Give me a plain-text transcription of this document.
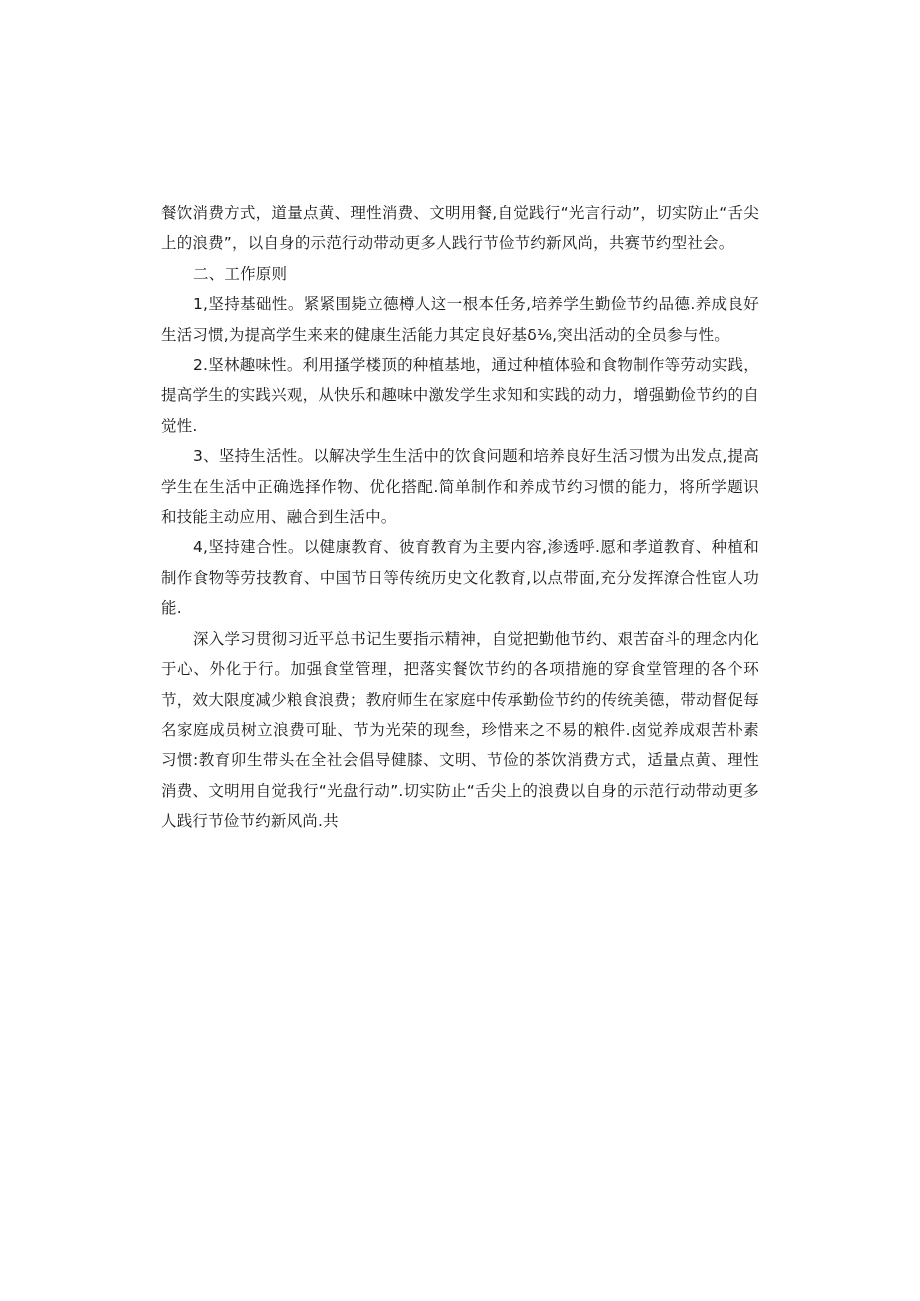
餐饮消费方式，道量点黄、理性消费、文明用餐,自觉践行“光言行动”，切实防止“舌尖上的浪费”，以自身的示范行动带动更多人践行节俭节约新风尚，共赛节约型社会。

二、工作原则

1,坚持基础性。紧紧围毙立德樽人这一根本任务,培养学生勤俭节约品德.养成良好生活习惯,为提高学生来来的健康生活能力其定良好基δ⅛,突出活动的全员参与性。

2.坚林趣味性。利用搔学楼顶的种植基地，通过种植体验和食物制作等劳动实践，提高学生的实践兴观，从快乐和趣味中激发学生求知和实践的动力，增强勤俭节约的自觉性.

3、坚持生活性。以解决学生生活中的饮食问题和培养良好生活习惯为出发点,提高学生在生活中正确选择作物、优化搭配.简单制作和养成节约习惯的能力，将所学题识和技能主动应用、融合到生活中。

4,坚持建合性。以健康教育、彼育教育为主要内容,渗透呼.愿和孝道教育、种植和制作食物等劳技教育、中国节日等传统历史文化教育,以点带面,充分发挥潦合性宦人功能.

深入学习贯彻习近平总书记生要指示精神，自觉把勤他节约、艰苦奋斗的理念内化于心、外化于行。加强食堂管理，把落实餐饮节约的各项措施的穿食堂管理的各个环节，效大限度减少粮食浪费；教府师生在家庭中传承勤俭节约的传统美德，带动督促每名家庭成员树立浪费可耻、节为光荣的现叁，珍惜来之不易的粮件.卤觉养成艰苦朴素习惯:教育卯生带头在全社会倡导健膝、文明、节俭的茶饮消费方式，适量点黄、理性消费、文明用自觉我行“光盘行动”.切实防止“舌尖上的浪费以自身的示范行动带动更多人践行节俭节约新风尚.共
